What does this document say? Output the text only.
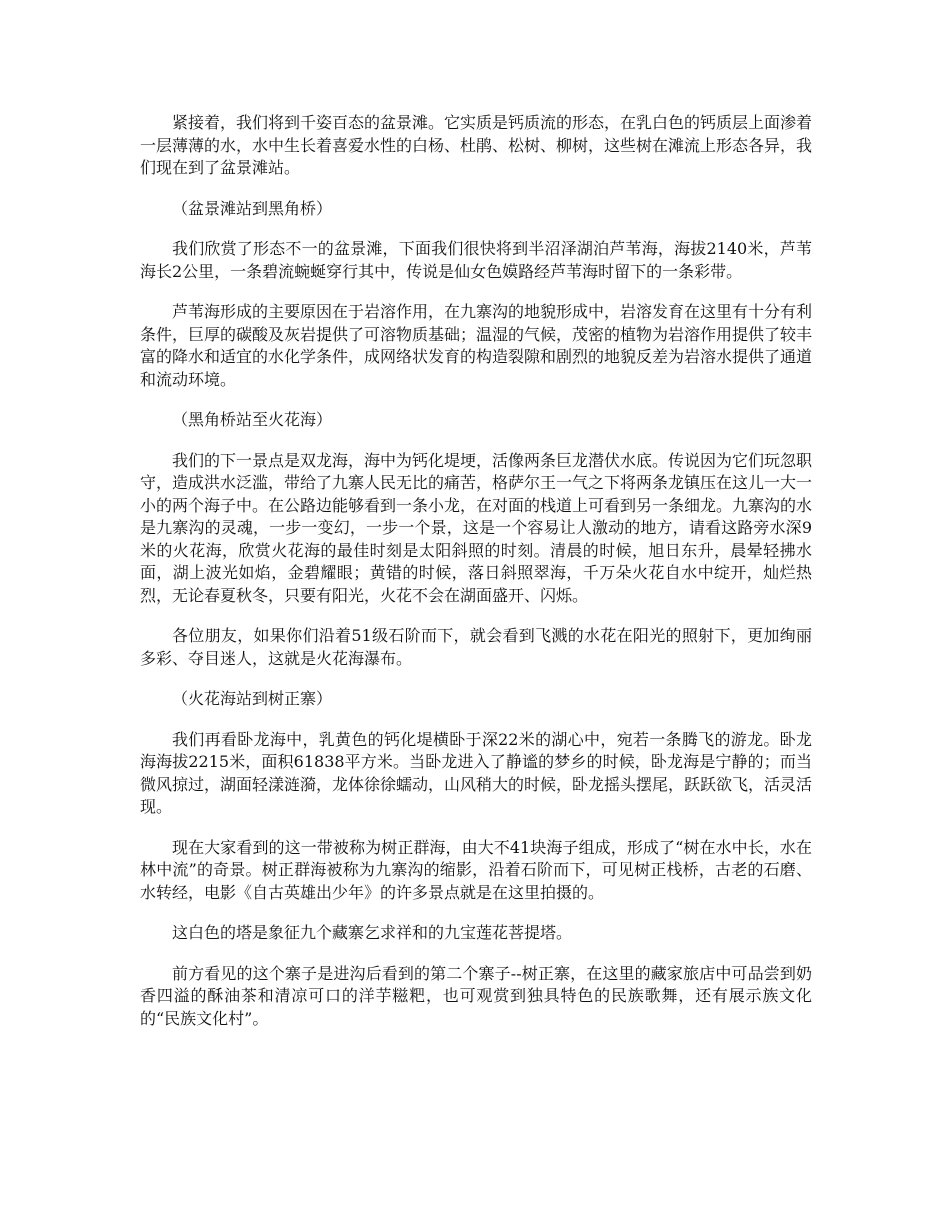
紧接着，我们将到千姿百态的盆景滩。它实质是钙质流的形态，在乳白色的钙质层上面渗着一层薄薄的水，水中生长着喜爱水性的白杨、杜鹃、松树、柳树，这些树在滩流上形态各异，我们现在到了盆景滩站。

（盆景滩站到黑角桥）

我们欣赏了形态不一的盆景滩，下面我们很快将到半沼泽湖泊芦苇海，海拔2140米，芦苇海长2公里，一条碧流蜿蜒穿行其中，传说是仙女色嫫路经芦苇海时留下的一条彩带。

芦苇海形成的主要原因在于岩溶作用，在九寨沟的地貌形成中，岩溶发育在这里有十分有利条件，巨厚的碳酸及灰岩提供了可溶物质基础；温湿的气候，茂密的植物为岩溶作用提供了较丰富的降水和适宜的水化学条件，成网络状发育的构造裂隙和剧烈的地貌反差为岩溶水提供了通道和流动环境。

（黑角桥站至火花海）

我们的下一景点是双龙海，海中为钙化堤埂，活像两条巨龙潜伏水底。传说因为它们玩忽职守，造成洪水泛滥，带给了九寨人民无比的痛苦，格萨尔王一气之下将两条龙镇压在这儿一大一小的两个海子中。在公路边能够看到一条小龙，在对面的栈道上可看到另一条细龙。九寨沟的水是九寨沟的灵魂，一步一变幻，一步一个景，这是一个容易让人激动的地方，请看这路旁水深9米的火花海，欣赏火花海的最佳时刻是太阳斜照的时刻。清晨的时候，旭日东升，晨晕轻拂水面，湖上波光如焰，金碧耀眼；黄错的时候，落日斜照翠海，千万朵火花自水中绽开，灿烂热烈，无论春夏秋冬，只要有阳光，火花不会在湖面盛开、闪烁。

各位朋友，如果你们沿着51级石阶而下，就会看到飞溅的水花在阳光的照射下，更加绚丽多彩、夺目迷人，这就是火花海瀑布。

（火花海站到树正寨）

我们再看卧龙海中，乳黄色的钙化堤横卧于深22米的湖心中，宛若一条腾飞的游龙。卧龙海海拔2215米，面积61838平方米。当卧龙进入了静谧的梦乡的时候，卧龙海是宁静的；而当微风掠过，湖面轻漾涟漪，龙体徐徐蠕动，山风稍大的时候，卧龙摇头摆尾，跃跃欲飞，活灵活现。

现在大家看到的这一带被称为树正群海，由大不41块海子组成，形成了“树在水中长，水在林中流”的奇景。树正群海被称为九寨沟的缩影，沿着石阶而下，可见树正栈桥，古老的石磨、水转经，电影《自古英雄出少年》的许多景点就是在这里拍摄的。

这白色的塔是象征九个藏寨乞求祥和的九宝莲花菩提塔。

前方看见的这个寨子是进沟后看到的第二个寨子--树正寨，在这里的藏家旅店中可品尝到奶香四溢的酥油茶和清凉可口的洋芋糍粑，也可观赏到独具特色的民族歌舞，还有展示族文化的“民族文化村”。
